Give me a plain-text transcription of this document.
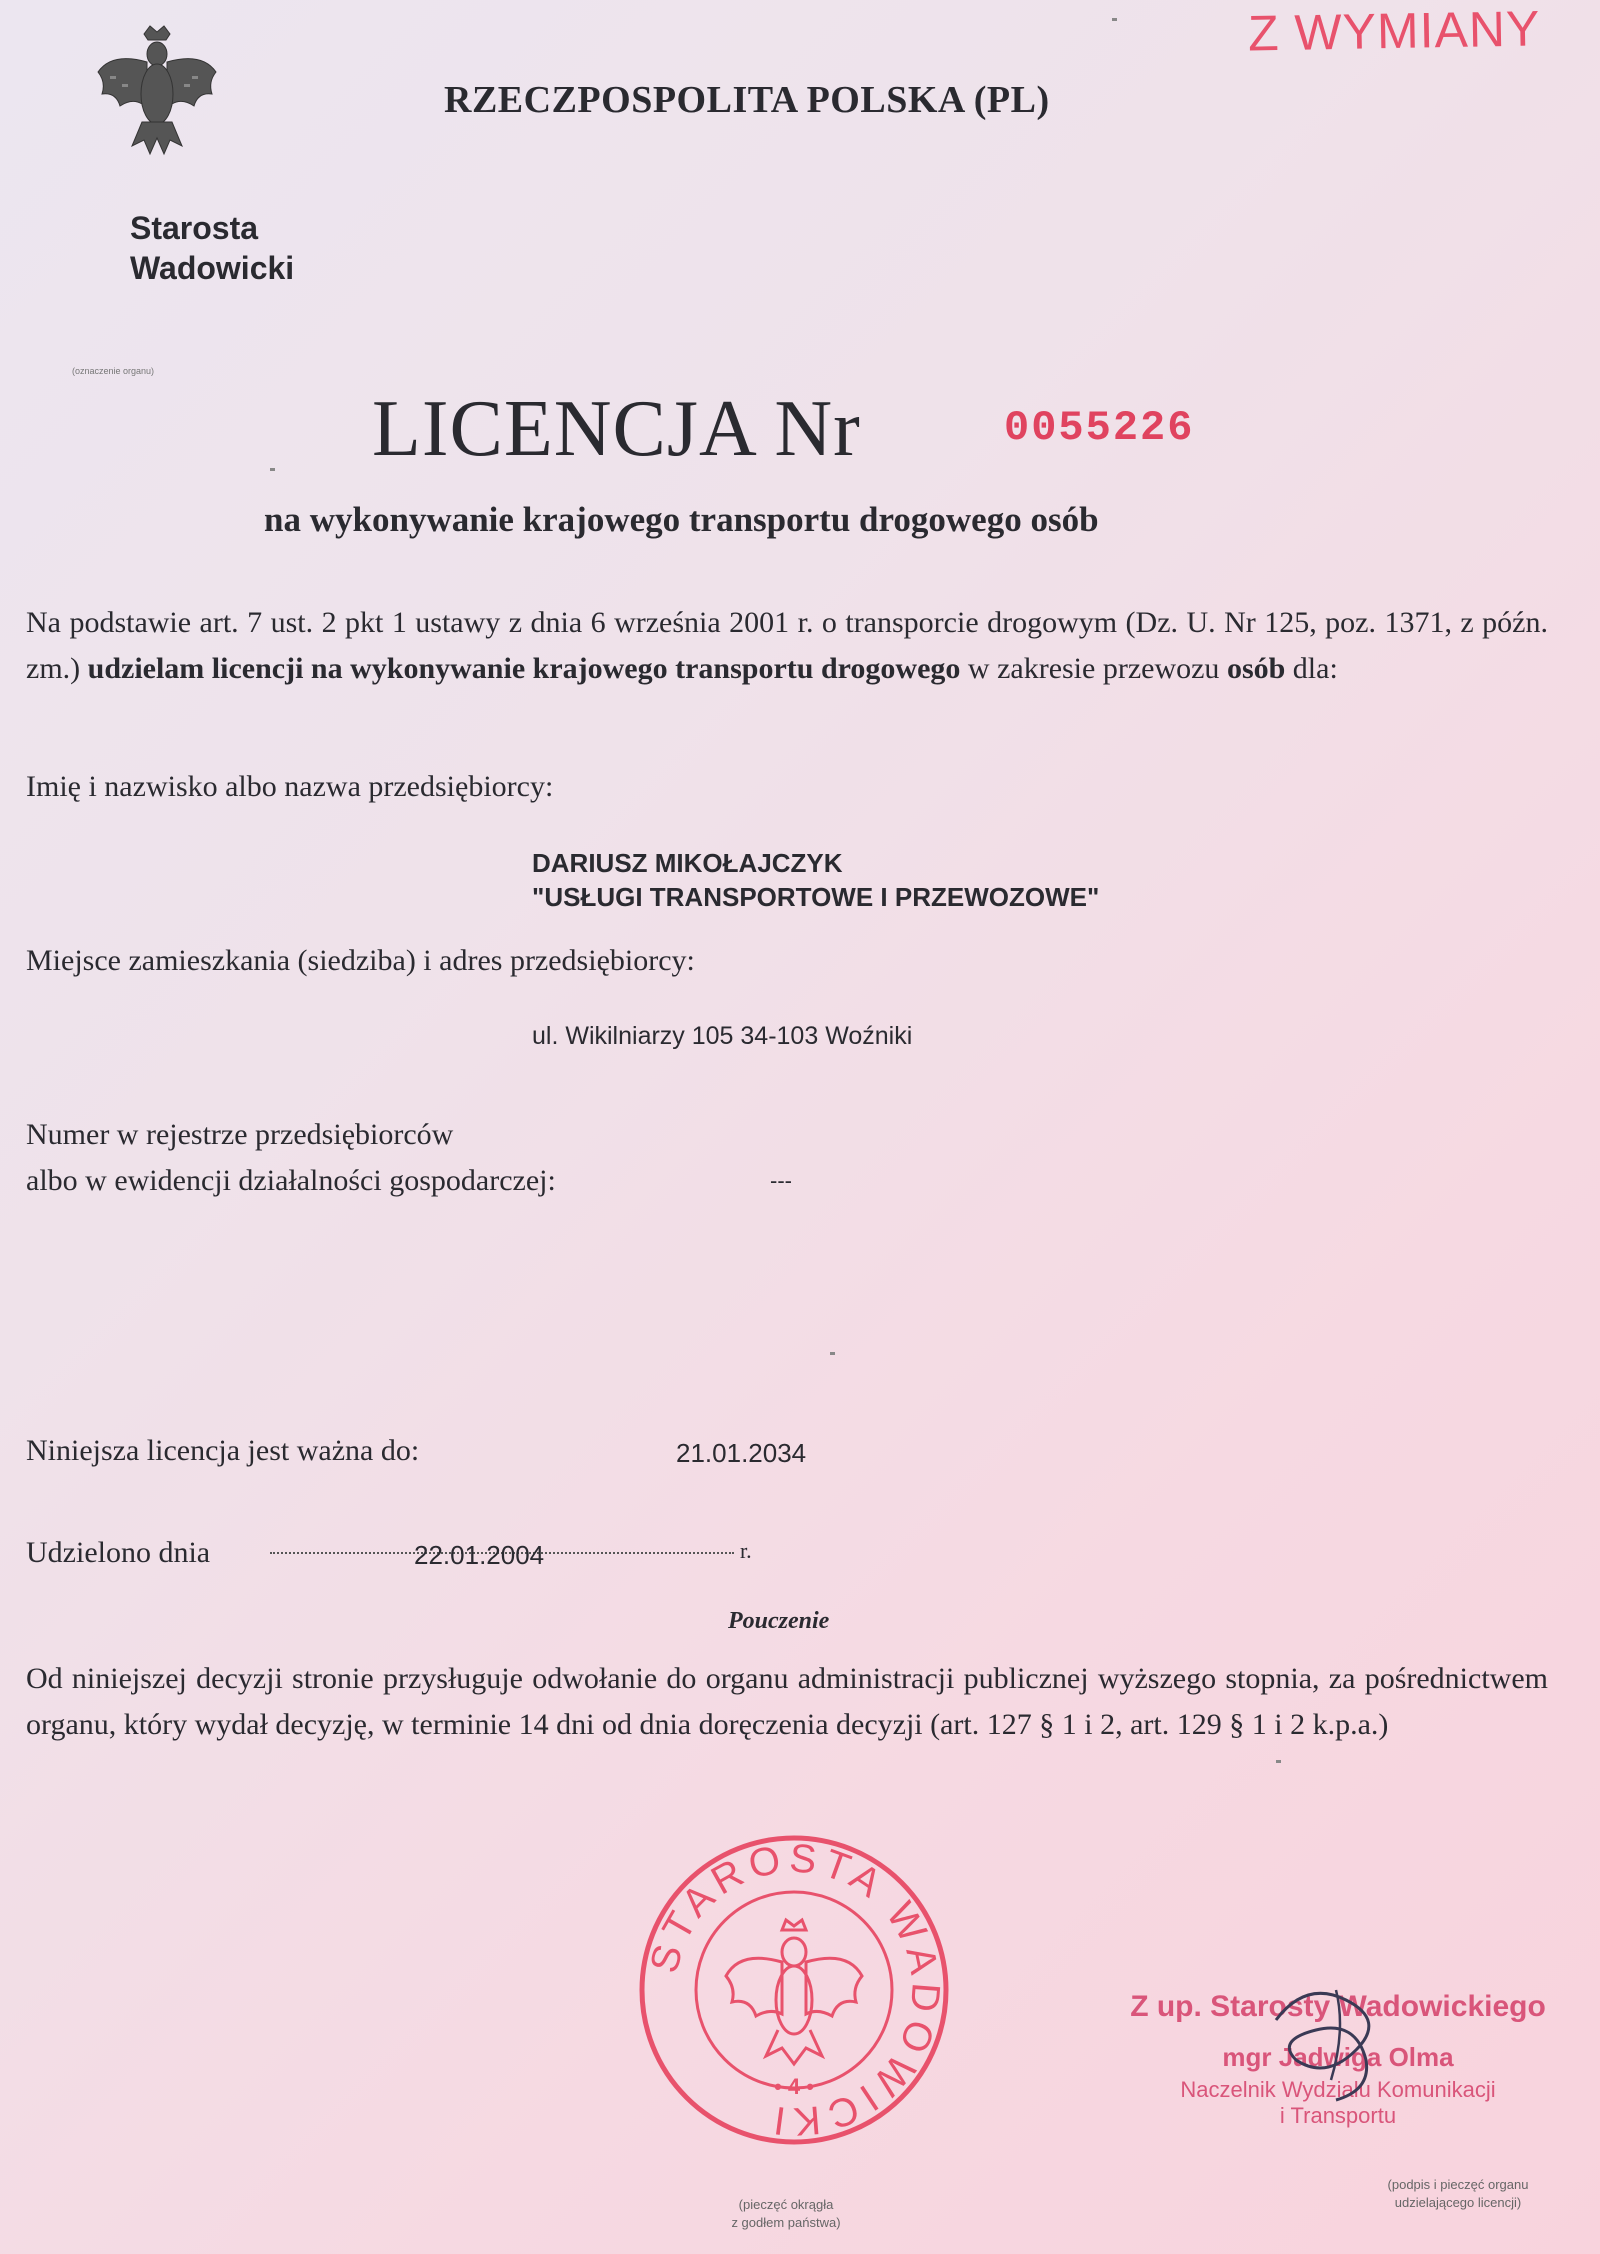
RZECZPOSPOLITA POLSKA (PL)
Z WYMIANY
Starosta
Wadowicki
(oznaczenie organu)
LICENCJA Nr	0055226
na wykonywanie krajowego transportu drogowego osób
Na podstawie art. 7 ust. 2 pkt 1 ustawy z dnia 6 września 2001 r. o transporcie drogowym (Dz. U. Nr 125, poz. 1371, z późn. zm.) udzielam licencji na wykonywanie krajowego transportu drogowego w zakresie przewozu osób dla:
Imię i nazwisko albo nazwa przedsiębiorcy:
DARIUSZ MIKOŁAJCZYK
"USŁUGI TRANSPORTOWE I PRZEWOZOWE"
Miejsce zamieszkania (siedziba) i adres przedsiębiorcy:
ul. Wikilniarzy 105 34-103 Woźniki
Numer w rejestrze przedsiębiorców
albo w ewidencji działalności gospodarczej:	---
Niniejsza licencja jest ważna do:	21.01.2034
Udzielono dnia	22.01.2004	r.
Pouczenie
Od niniejszej decyzji stronie przysługuje odwołanie do organu administracji publicznej wyższego stopnia, za pośrednictwem organu, który wydał decyzję, w terminie 14 dni od dnia doręczenia decyzji (art. 127 § 1 i 2, art. 129 § 1 i 2 k.p.a.)
STAROSTA WADOWICKI
• 4 •
Z up. Starosty Wadowickiego
mgr Jadwiga Olma
Naczelnik Wydziału Komunikacji
i Transportu
(pieczęć okrągła
z godłem państwa)
(podpis i pieczęć organu
udzielającego licencji)
